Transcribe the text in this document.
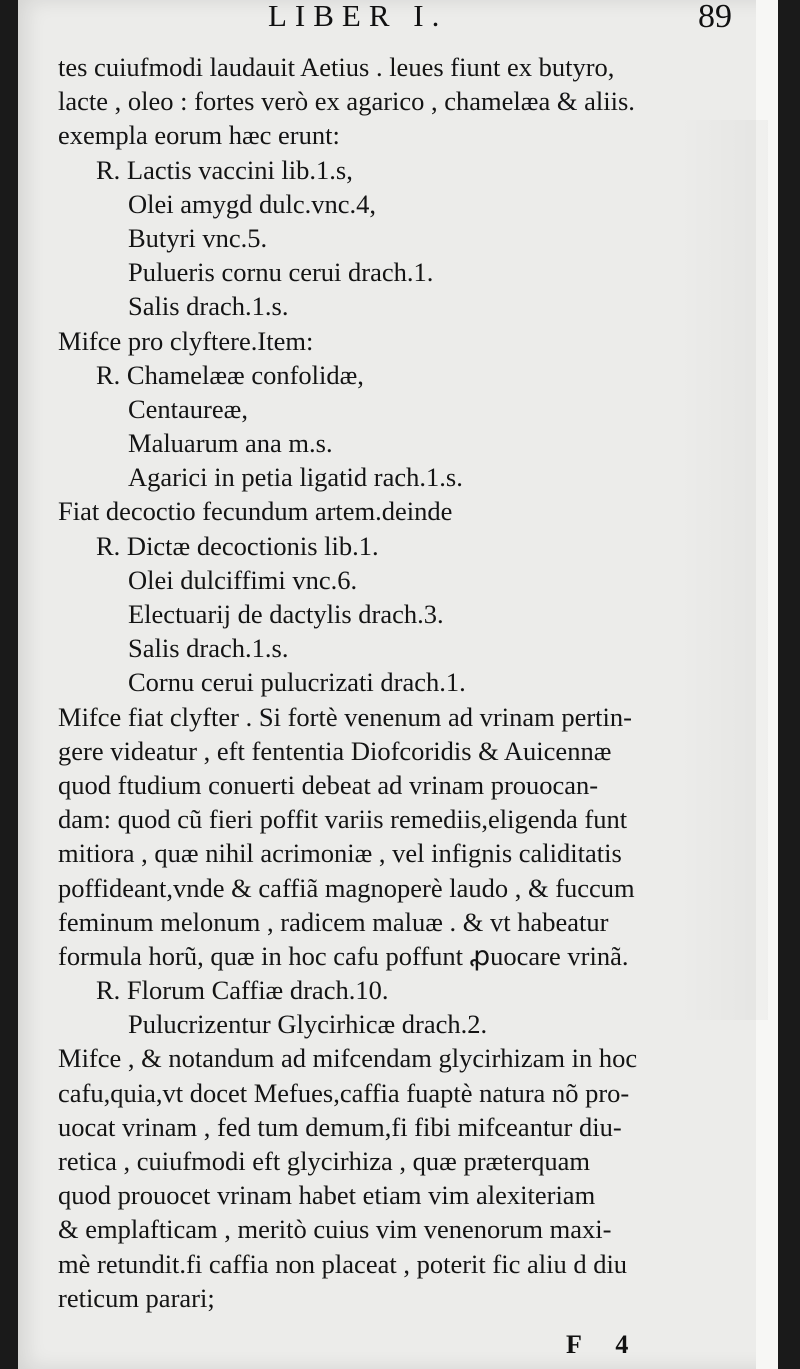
LIBER I.	89
tes cuiufmodi laudauit Aetius . leues fiunt ex butyro,
lacte , oleo : fortes verò ex agarico , chamelæa & aliis.
exempla eorum hæc erunt:
R. Lactis vaccini lib.1.s,
Olei amygd dulc.vnc.4,
Butyri vnc.5.
Pulueris cornu cerui drach.1.
Salis drach.1.s.
Mifce pro clyftere.Item:
R. Chamelææ confolidæ,
Centaureæ,
Maluarum ana m.s.
Agarici in petia ligatid rach.1.s.
Fiat decoctio fecundum artem.deinde
R. Dictæ decoctionis lib.1.
Olei dulciffimi vnc.6.
Electuarij de dactylis drach.3.
Salis drach.1.s.
Cornu cerui pulucrizati drach.1.
Mifce fiat clyfter . Si fortè venenum ad vrinam pertin-
gere videatur , eft fententia Diofcoridis & Auicennæ
quod ftudium conuerti debeat ad vrinam prouocan-
dam: quod cũ fieri poffit variis remediis,eligenda funt
mitiora , quæ nihil acrimoniæ , vel infignis caliditatis
poffideant,vnde & caffiã magnoperè laudo , & fuccum
feminum melonum , radicem maluæ . & vt habeatur
formula horũ, quæ in hoc cafu poffunt ꝓuocare vrinã.
R. Florum Caffiæ drach.10.
Pulucrizentur Glycirhicæ drach.2.
Mifce , & notandum ad mifcendam glycirhizam in hoc
cafu,quia,vt docet Mefues,caffia fuaptè natura nõ pro-
uocat vrinam , fed tum demum,fi fibi mifceantur diu-
retica , cuiufmodi eft glycirhiza , quæ præterquam
quod prouocet vrinam habet etiam vim alexiteriam
& emplafticam , meritò cuius vim venenorum maxi-
mè retundit.fi caffia non placeat , poterit fic aliu d diu
reticum parari;
F 4
